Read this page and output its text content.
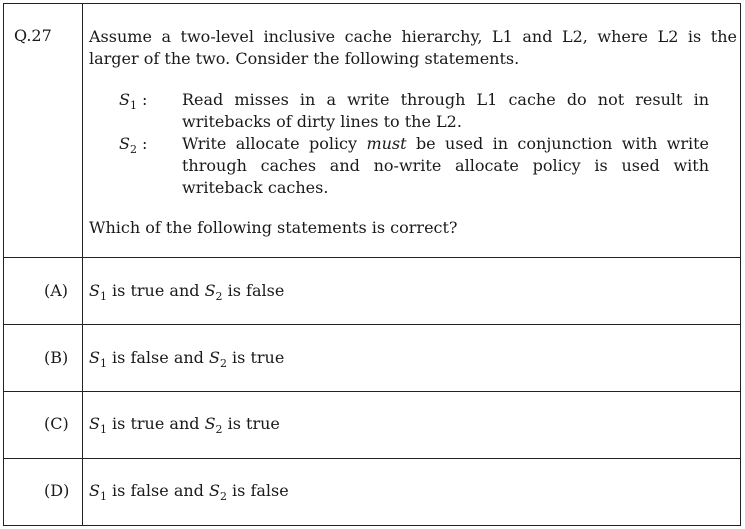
Q.27 Assume a two-level inclusive cache hierarchy, L1 and L2, where L2 is the larger of the two. Consider the following statements.
$S_1$ : Read misses in a write through L1 cache do not result in writebacks of dirty lines to the L2.
$S_2$ : Write allocate policy must be used in conjunction with write through caches and no-write allocate policy is used with writeback caches.
Which of the following statements is correct?
(A) $S_1$ is true and $S_2$ is false
(B) $S_1$ is false and $S_2$ is true
(C) $S_1$ is true and $S_2$ is true
(D) $S_1$ is false and $S_2$ is false
